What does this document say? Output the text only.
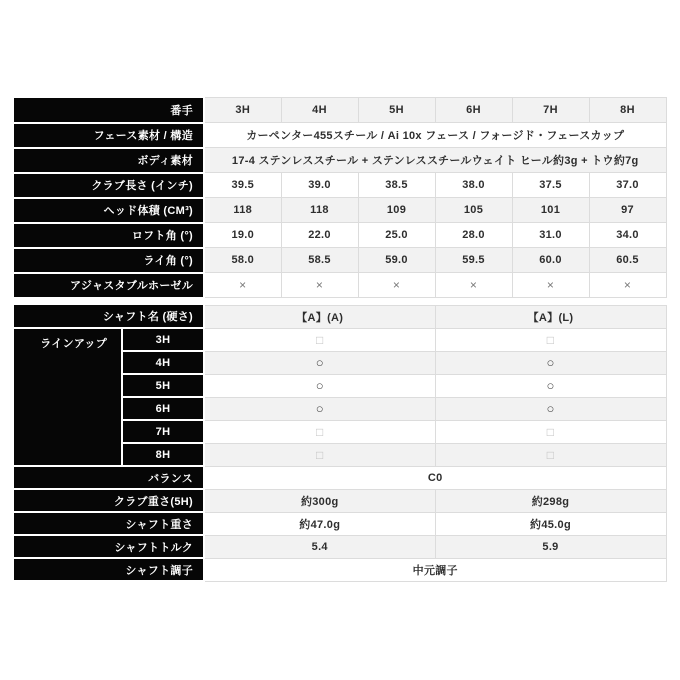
番手	3H	4H	5H	6H	7H	8H
フェース素材 / 構造	カーペンター455スチール / Ai 10x フェース / フォージド・フェースカップ					
ボディ素材	17-4 ステンレススチール + ステンレススチールウェイト ヒール約3g + トウ約7g					
クラブ長さ (インチ)	39.5	39.0	38.5	38.0	37.5	37.0
ヘッド体積 (CM³)	118	118	109	105	101	97
ロフト角 (°)	19.0	22.0	25.0	28.0	31.0	34.0
ライ角 (°)	58.0	58.5	59.0	59.5	60.0	60.5
アジャスタブルホーゼル	×	×	×	×	×	×
シャフト名 (硬さ)		【A】(A)	【A】(L)
ラインアップ	3H	□	□
	4H	○	○
	5H	○	○
	6H	○	○
	7H	□	□
	8H	□	□
バランス		C0	
クラブ重さ(5H)		約300g	約298g
シャフト重さ		約47.0g	約45.0g
シャフトトルク		5.4	5.9
シャフト調子		中元調子	
